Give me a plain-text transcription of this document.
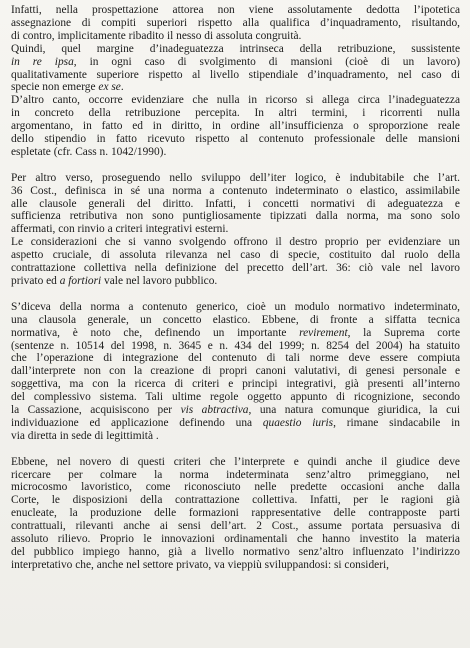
Infatti, nella prospettazione attorea non viene assolutamente dedotta l’ipotetica
assegnazione di compiti superiori rispetto alla qualifica d’inquadramento, risultando,
di contro, implicitamente ribadito il nesso di assoluta congruità.
Quindi, quel margine d’inadeguatezza intrinseca della retribuzione, sussistente
in re ipsa, in ogni caso di svolgimento di mansioni (cioè di un lavoro)
qualitativamente superiore rispetto al livello stipendiale d’inquadramento, nel caso di
specie non emerge ex se.
D’altro canto, occorre evidenziare che nulla in ricorso si allega circa l’inadeguatezza
in concreto della retribuzione percepita. In altri termini, i ricorrenti nulla
argomentano, in fatto ed in diritto, in ordine all’insufficienza o sproporzione reale
dello stipendio in fatto ricevuto rispetto al contenuto professionale delle mansioni
espletate (cfr. Cass n. 1042/1990).
Per altro verso, proseguendo nello sviluppo dell’iter logico, è indubitabile che l’art.
36 Cost., definisca in sé una norma a contenuto indeterminato o elastico, assimilabile
alle clausole generali del diritto. Infatti, i concetti normativi di adeguatezza e
sufficienza retributiva non sono puntigliosamente tipizzati dalla norma, ma sono solo
affermati, con rinvio a criteri integrativi esterni.
Le considerazioni che si vanno svolgendo offrono il destro proprio per evidenziare un
aspetto cruciale, di assoluta rilevanza nel caso di specie, costituito dal ruolo della
contrattazione collettiva nella definizione del precetto dell’art. 36: ciò vale nel lavoro
privato ed a fortiori vale nel lavoro pubblico.
S’diceva della norma a contenuto generico, cioè un modulo normativo indeterminato,
una clausola generale, un concetto elastico. Ebbene, di fronte a siffatta tecnica
normativa, è noto che, definendo un importante revirement, la Suprema corte
(sentenze n. 10514 del 1998, n. 3645 e n. 434 del 1999; n. 8254 del 2004) ha statuito
che l’operazione di integrazione del contenuto di tali norme deve essere compiuta
dall’interprete non con la creazione di propri canoni valutativi, di genesi personale e
soggettiva, ma con la ricerca di criteri e principi integrativi, già presenti all’interno
del complessivo sistema. Tali ultime regole oggetto appunto di ricognizione, secondo
la Cassazione, acquisiscono per vis abtractiva, una natura comunque giuridica, la cui
individuazione ed applicazione definendo una quaestio iuris, rimane sindacabile in
via diretta in sede di legittimità .
Ebbene, nel novero di questi criteri che l’interprete e quindi anche il giudice deve
ricercare per colmare la norma indeterminata senz’altro primeggiano, nel
microcosmo lavoristico, come riconosciuto nelle predette occasioni anche dalla
Corte, le disposizioni della contrattazione collettiva. Infatti, per le ragioni già
enucleate, la produzione delle formazioni rappresentative delle contrapposte parti
contrattuali, rilevanti anche ai sensi dell’art. 2 Cost., assume portata persuasiva di
assoluto rilievo. Proprio le innovazioni ordinamentali che hanno investito la materia
del pubblico impiego hanno, già a livello normativo senz’altro influenzato l’indirizzo
interpretativo che, anche nel settore privato, va vieppiù sviluppandosi: si consideri,
